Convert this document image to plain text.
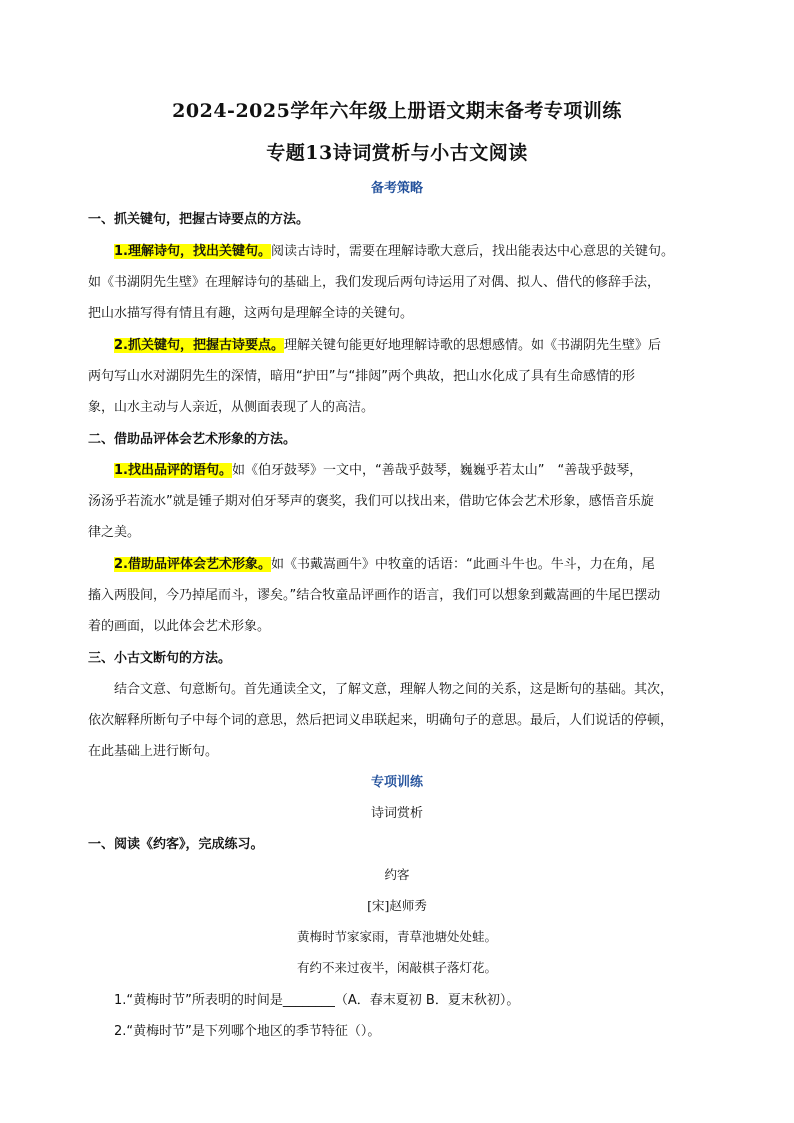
2024-2025学年六年级上册语文期末备考专项训练
专题13诗词赏析与小古文阅读
备考策略
一、抓关键句，把握古诗要点的方法。
1.理解诗句，找出关键句。阅读古诗时，需要在理解诗歌大意后，找出能表达中心意思的关键句。
如《书湖阴先生壁》在理解诗句的基础上，我们发现后两句诗运用了对偶、拟人、借代的修辞手法，
把山水描写得有情且有趣，这两句是理解全诗的关键句。
2.抓关键句，把握古诗要点。理解关键句能更好地理解诗歌的思想感情。如《书湖阴先生壁》后
两句写山水对湖阴先生的深情，暗用“护田”与“排闼”两个典故，把山水化成了具有生命感情的形
象，山水主动与人亲近，从侧面表现了人的高洁。
二、借助品评体会艺术形象的方法。
1.找出品评的语句。如《伯牙鼓琴》一文中，“善哉乎鼓琴，巍巍乎若太山”　“善哉乎鼓琴，
汤汤乎若流水”就是锺子期对伯牙琴声的褒奖，我们可以找出来，借助它体会艺术形象，感悟音乐旋
律之美。
2.借助品评体会艺术形象。如《书戴嵩画牛》中牧童的话语：“此画斗牛也。牛斗，力在角，尾
搐入两股间，今乃掉尾而斗，谬矣。”结合牧童品评画作的语言，我们可以想象到戴嵩画的牛尾巴摆动
着的画面，以此体会艺术形象。
三、小古文断句的方法。
结合文意、句意断句。首先通读全文，了解文意，理解人物之间的关系，这是断句的基础。其次，
依次解释所断句子中每个词的意思，然后把词义串联起来，明确句子的意思。最后，人们说话的停顿，
在此基础上进行断句。
专项训练
诗词赏析
一、阅读《约客》，完成练习。
约客
[宋]赵师秀
黄梅时节家家雨，青草池塘处处蛙。
有约不来过夜半，闲敲棋子落灯花。
1.“黄梅时节”所表明的时间是________（A．春末夏初 B．夏末秋初）。
2.“黄梅时节”是下列哪个地区的季节特征（）。
